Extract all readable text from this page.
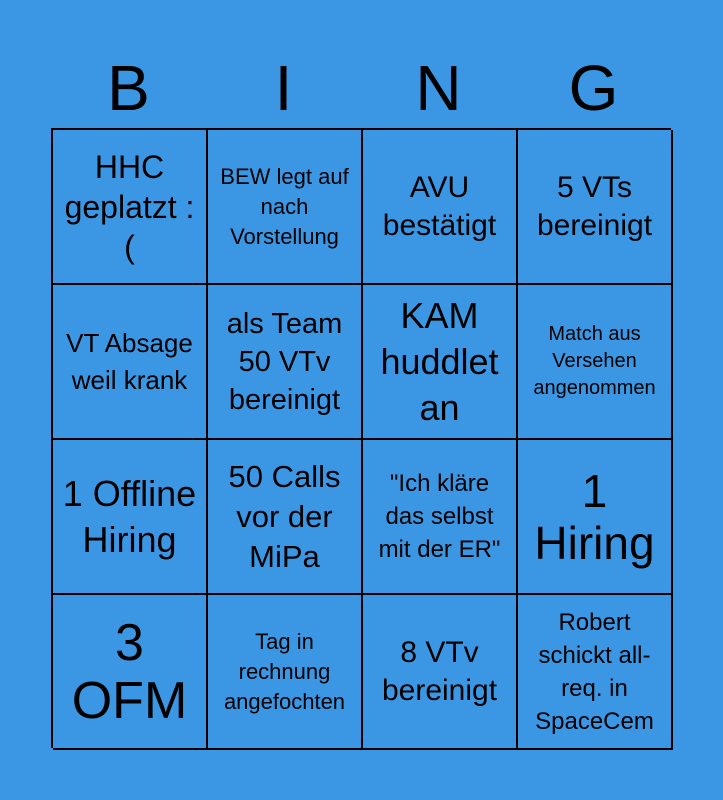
B	I	N	G
HHC geplatzt :(
BEW legt auf nach Vorstellung
AVU bestätigt
5 VTs bereinigt
VT Absage weil krank
als Team 50 VTv bereinigt
KAM huddlet an
Match aus Versehen angenommen
1 Offline Hiring
50 Calls vor der MiPa
"Ich kläre das selbst mit der ER"
1 Hiring
3 OFM
Tag in rechnung angefochten
8 VTv bereinigt
Robert schickt all-req. in SpaceCem
